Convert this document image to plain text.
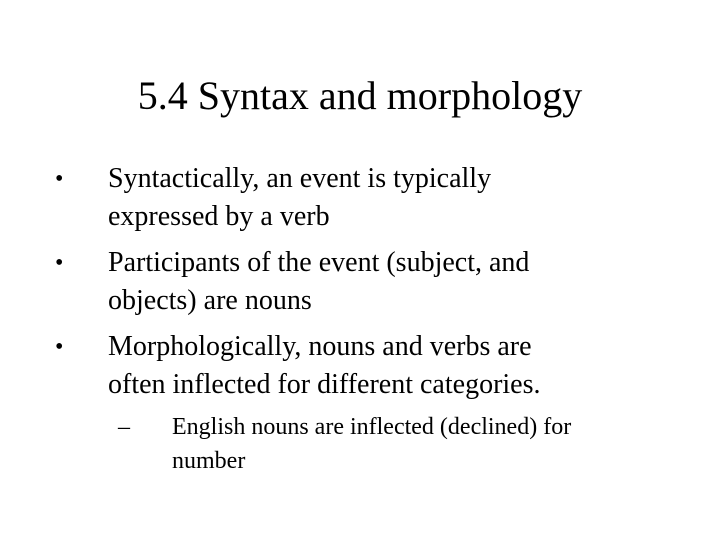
5.4 Syntax and morphology
• Syntactically, an event is typically
expressed by a verb
• Participants of the event (subject, and
objects) are nouns
• Morphologically, nouns and verbs are
often inflected for different categories.
– English nouns are inflected (declined) for
number
